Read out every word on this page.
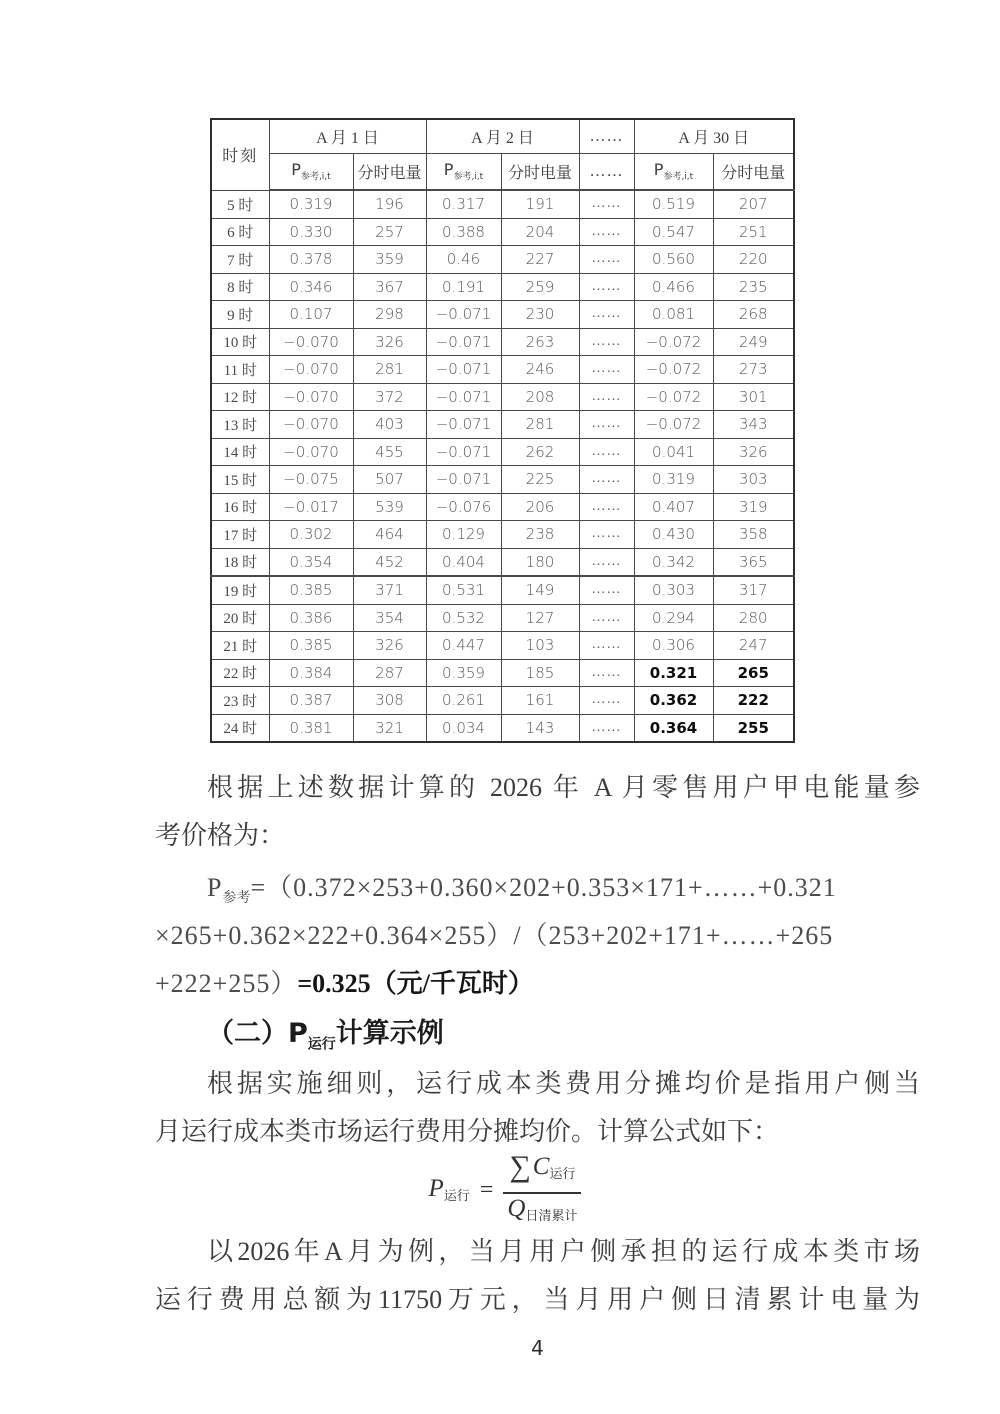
时刻	A 月 1 日		A 月 2 日		……	A 月 30 日	
	$P_{参考,i,t}$	分时电量	$P_{参考,i,t}$	分时电量	……	$P_{参考,i,t}$	分时电量
5 时	0.319	196	0.317	191	……	0.519	207
6 时	0.330	257	0.388	204	……	0.547	251
7 时	0.378	359	0.46	227	……	0.560	220
8 时	0.346	367	0.191	259	……	0.466	235
9 时	0.107	298	−0.071	230	……	0.081	268
10 时	−0.070	326	−0.071	263	……	−0.072	249
11 时	−0.070	281	−0.071	246	……	−0.072	273
12 时	−0.070	372	−0.071	208	……	−0.072	301
13 时	−0.070	403	−0.071	281	……	−0.072	343
14 时	−0.070	455	−0.071	262	……	0.041	326
15 时	−0.075	507	−0.071	225	……	0.319	303
16 时	−0.017	539	−0.076	206	……	0.407	319
17 时	0.302	464	0.129	238	……	0.430	358
18 时	0.354	452	0.404	180	……	0.342	365
19 时	0.385	371	0.531	149	……	0.303	317
20 时	0.386	354	0.532	127	……	0.294	280
21 时	0.385	326	0.447	103	……	0.306	247
22 时	0.384	287	0.359	185	……	0.321	265
23 时	0.387	308	0.261	161	……	0.362	222
24 时	0.381	321	0.034	143	……	0.364	255
根据上述数据计算的 2026 年 A 月零售用户甲电能量参
考价格为：
$P_{参考}=(0.372\times 253+0.360\times 202+0.353\times 171+\dots\dots+0.321$
×265+0.362×222+0.364×255）/（253+202+171+……+265
+222+255）=0.325（元/千瓦时）
（二）$P_{运行}$计算示例
根据实施细则，运行成本类费用分摊均价是指用户侧当
月运行成本类市场运行费用分摊均价。计算公式如下：
$P_{运行} = \frac{\sum C_{运行}}{Q_{日清累计}}$
以2026年A月为例，当月用户侧承担的运行成本类市场
运行费用总额为11750万元，当月用户侧日清累计电量为
4
